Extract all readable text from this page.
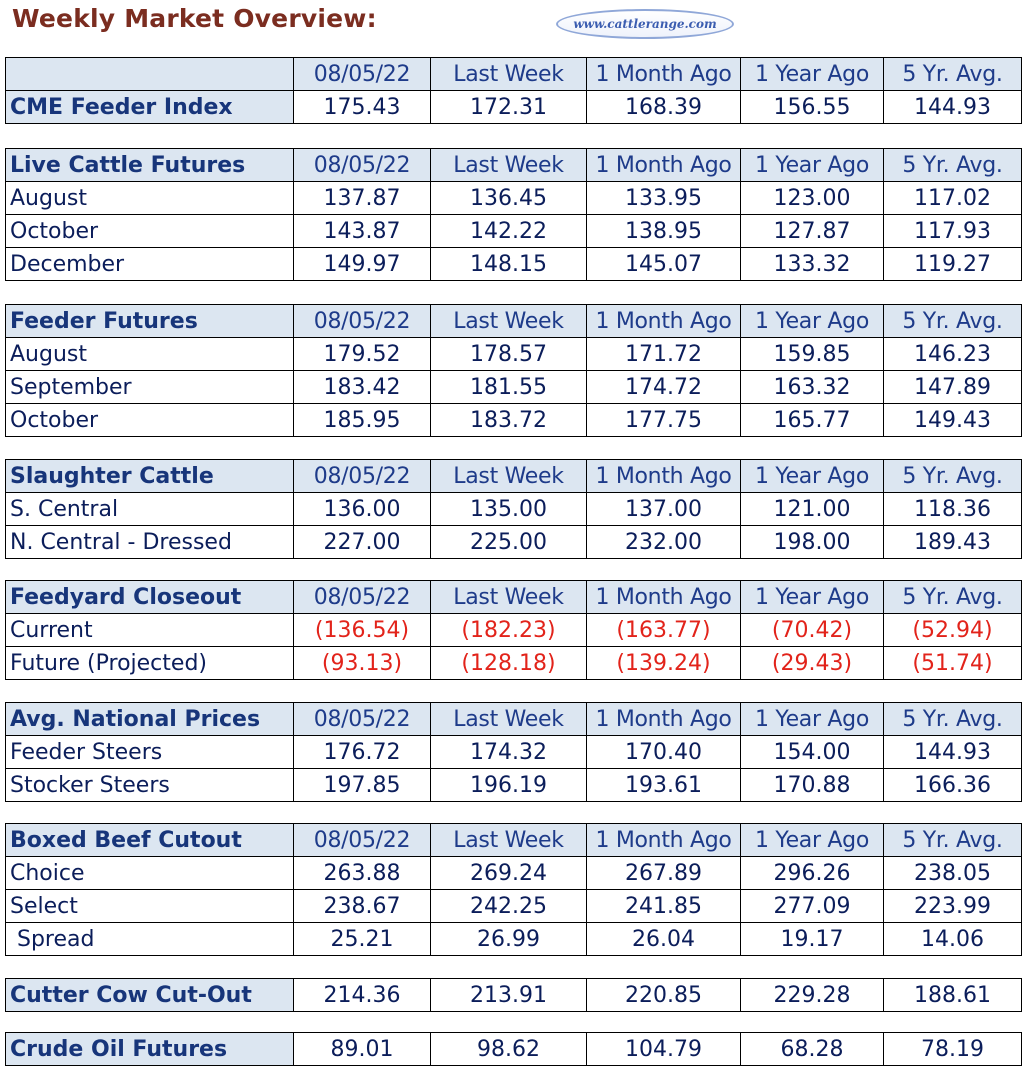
Weekly Market Overview:	www.cattlerange.com
	08/05/22	Last Week	1 Month Ago	1 Year Ago	5 Yr. Avg.
CME Feeder Index	175.43	172.31	168.39	156.55	144.93
Live Cattle Futures	08/05/22	Last Week	1 Month Ago	1 Year Ago	5 Yr. Avg.
August	137.87	136.45	133.95	123.00	117.02
October	143.87	142.22	138.95	127.87	117.93
December	149.97	148.15	145.07	133.32	119.27
Feeder Futures	08/05/22	Last Week	1 Month Ago	1 Year Ago	5 Yr. Avg.
August	179.52	178.57	171.72	159.85	146.23
September	183.42	181.55	174.72	163.32	147.89
October	185.95	183.72	177.75	165.77	149.43
Slaughter Cattle	08/05/22	Last Week	1 Month Ago	1 Year Ago	5 Yr. Avg.
S. Central	136.00	135.00	137.00	121.00	118.36
N. Central - Dressed	227.00	225.00	232.00	198.00	189.43
Feedyard Closeout	08/05/22	Last Week	1 Month Ago	1 Year Ago	5 Yr. Avg.
Current	(136.54)	(182.23)	(163.77)	(70.42)	(52.94)
Future (Projected)	(93.13)	(128.18)	(139.24)	(29.43)	(51.74)
Avg. National Prices	08/05/22	Last Week	1 Month Ago	1 Year Ago	5 Yr. Avg.
Feeder Steers	176.72	174.32	170.40	154.00	144.93
Stocker Steers	197.85	196.19	193.61	170.88	166.36
Boxed Beef Cutout	08/05/22	Last Week	1 Month Ago	1 Year Ago	5 Yr. Avg.
Choice	263.88	269.24	267.89	296.26	238.05
Select	238.67	242.25	241.85	277.09	223.99
Spread	25.21	26.99	26.04	19.17	14.06
Cutter Cow Cut-Out	214.36	213.91	220.85	229.28	188.61
Crude Oil Futures	89.01	98.62	104.79	68.28	78.19
